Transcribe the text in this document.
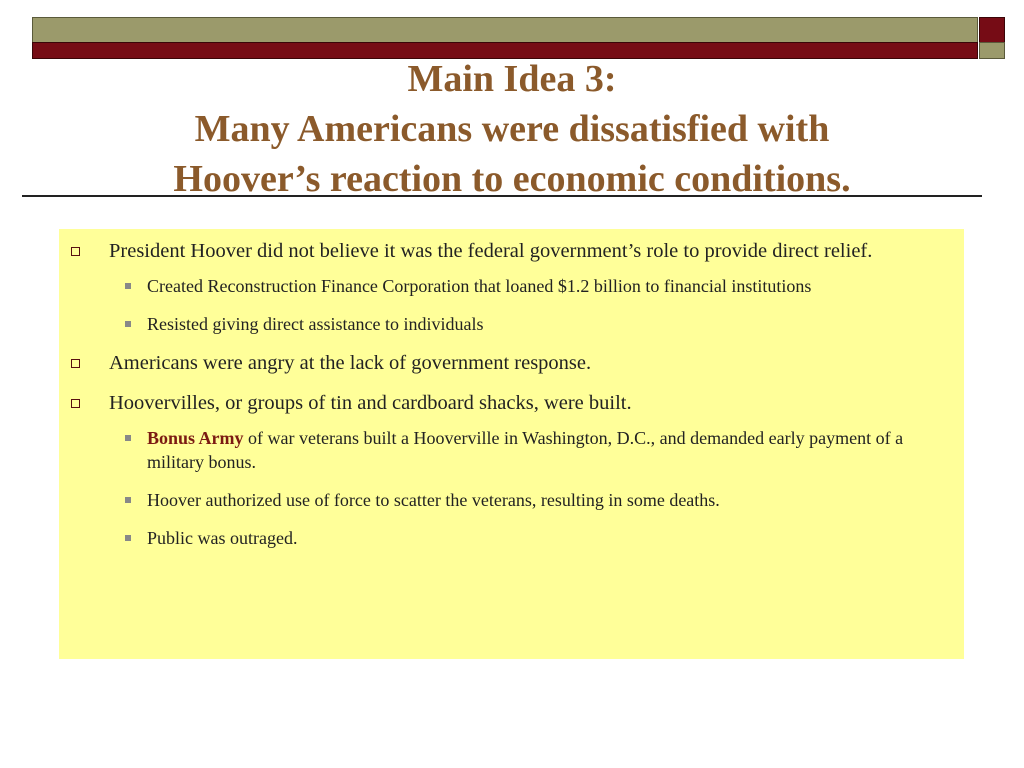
Main Idea 3:
Many Americans were dissatisfied with
Hoover’s reaction to economic conditions.
President Hoover did not believe it was the federal government’s role to provide direct relief.
Created Reconstruction Finance Corporation that loaned $1.2 billion to financial institutions
Resisted giving direct assistance to individuals
Americans were angry at the lack of government response.
Hoovervilles, or groups of tin and cardboard shacks, were built.
Bonus Army of war veterans built a Hooverville in Washington, D.C., and demanded early payment of a military bonus.
Hoover authorized use of force to scatter the veterans, resulting in some deaths.
Public was outraged.
